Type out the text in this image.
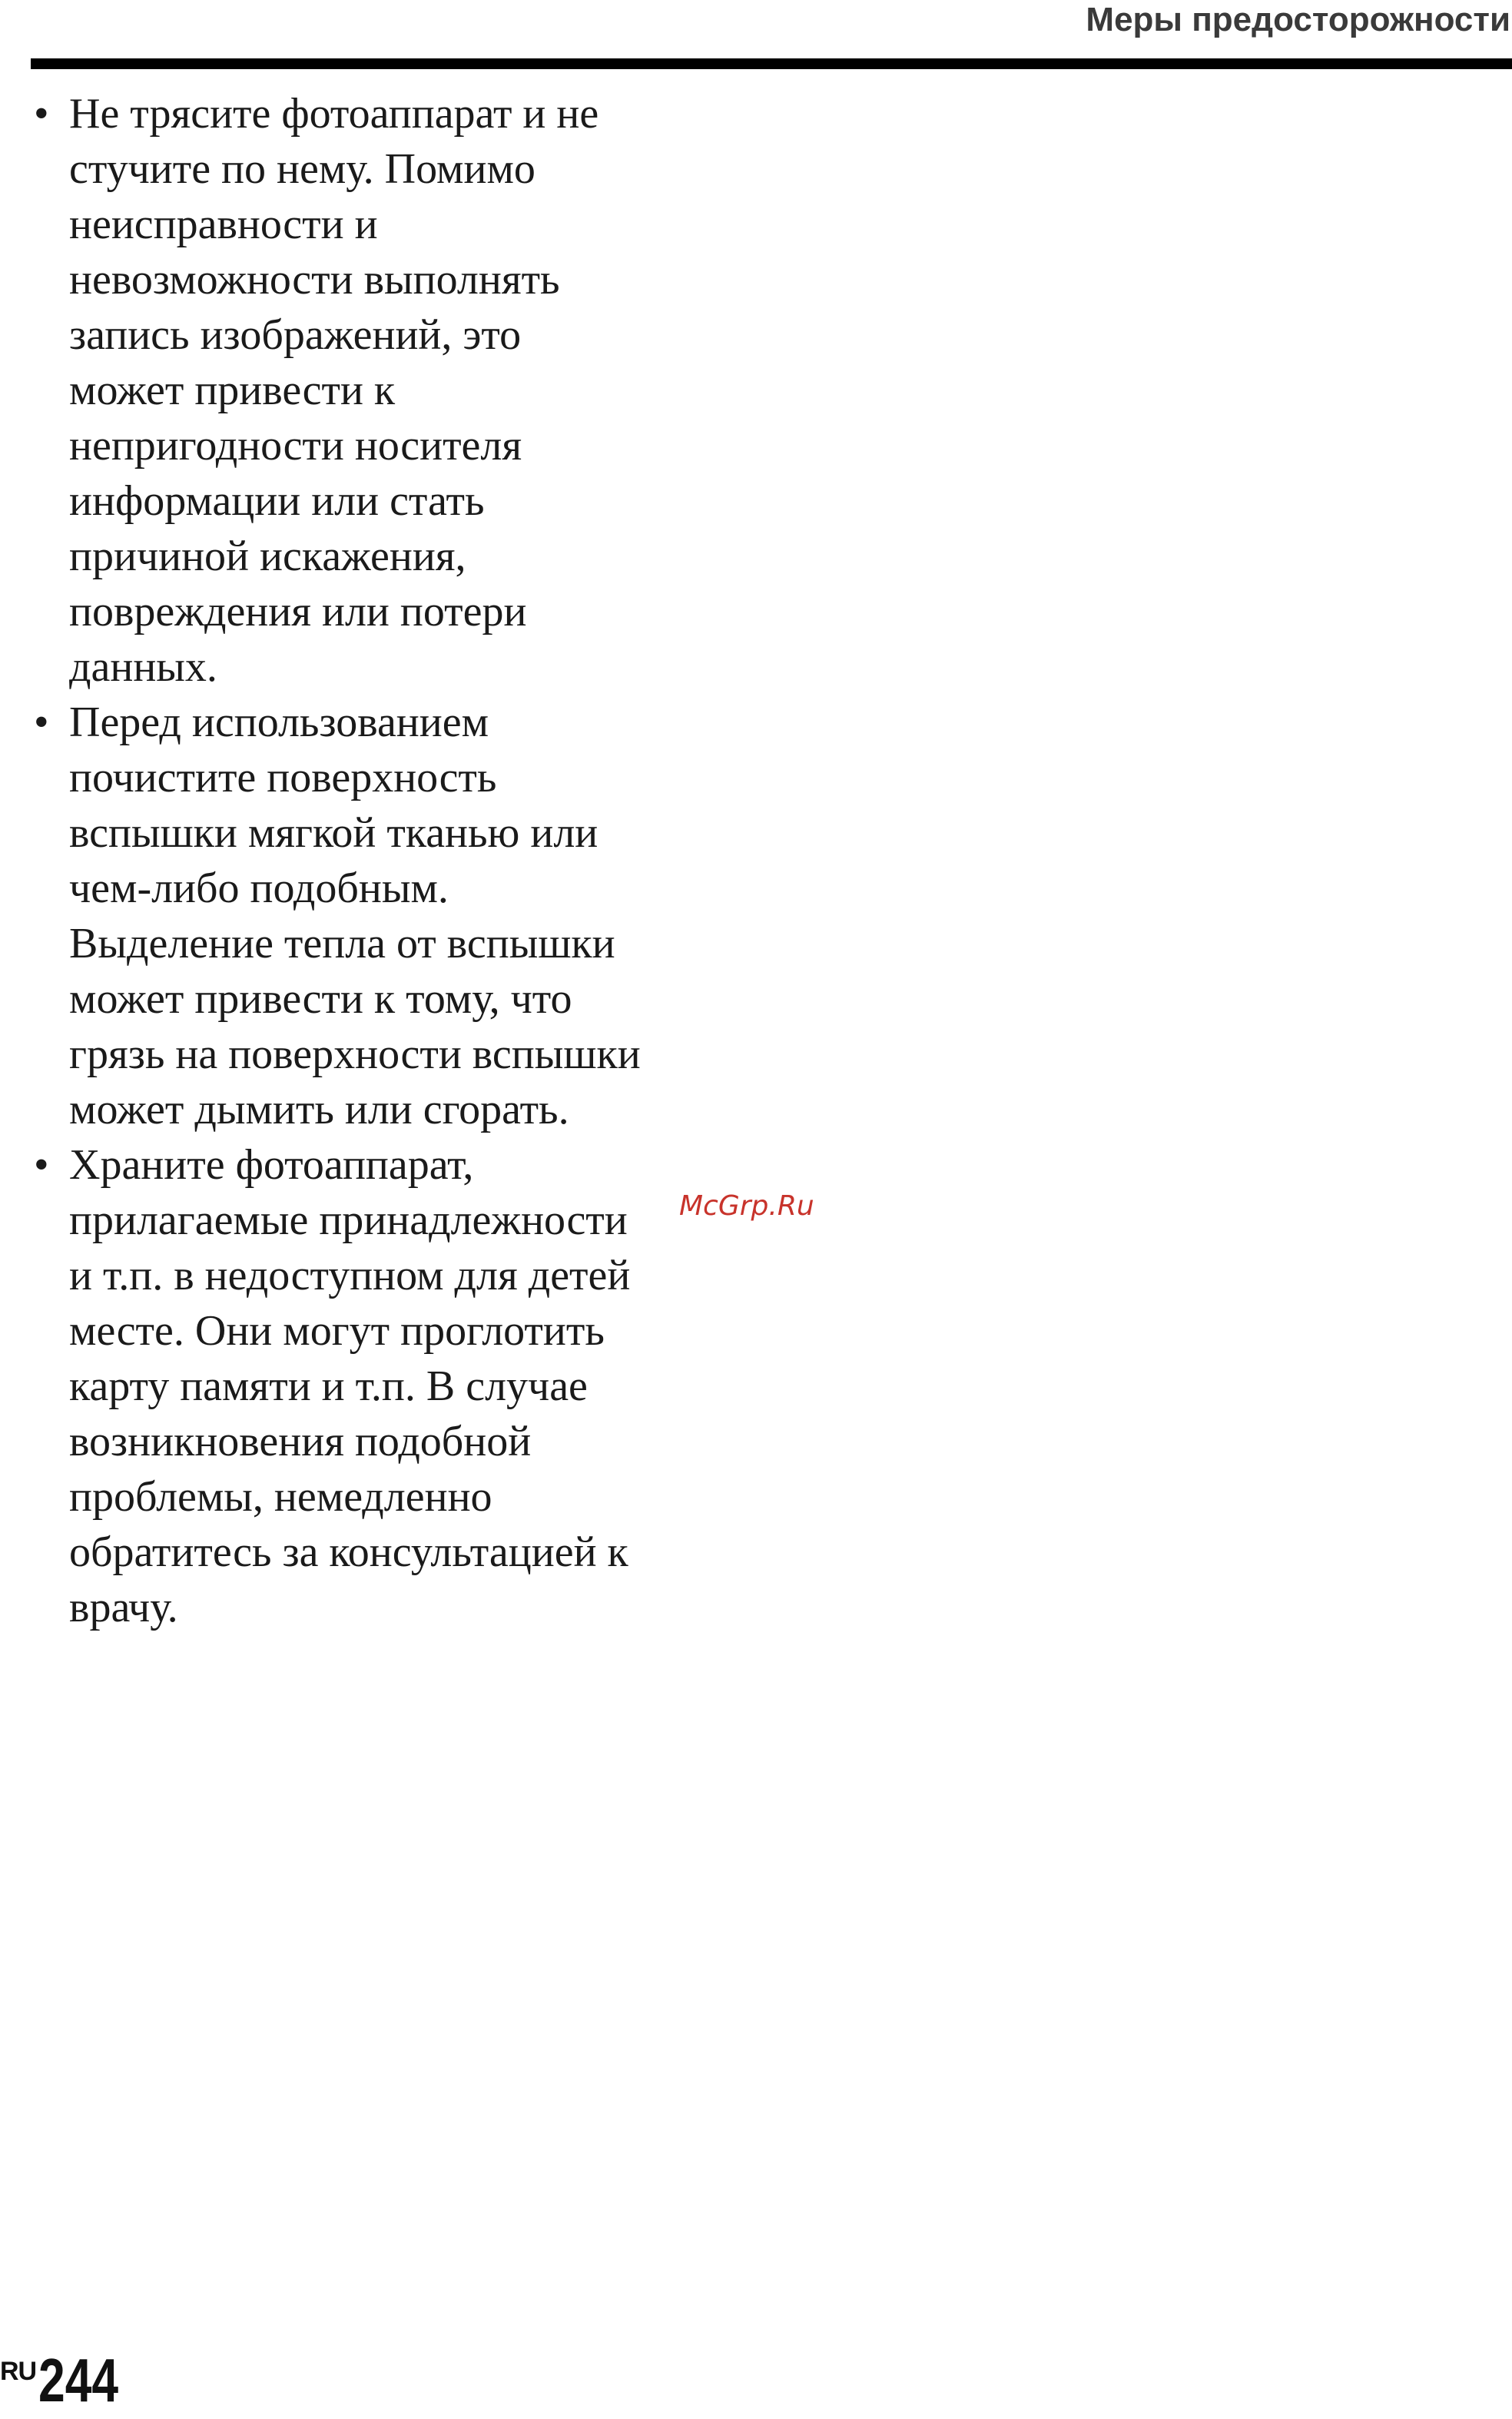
Меры предосторожности
• Не трясите фотоаппарат и не
стучите по нему. Помимо
неисправности и
невозможности выполнять
запись изображений, это
может привести к
непригодности носителя
информации или стать
причиной искажения,
повреждения или потери
данных.
• Перед использованием
почистите поверхность
вспышки мягкой тканью или
чем-либо подобным.
Выделение тепла от вспышки
может привести к тому, что
грязь на поверхности вспышки
может дымить или сгорать.
• Храните фотоаппарат,
прилагаемые принадлежности
и т.п. в недоступном для детей
месте. Они могут проглотить
карту памяти и т.п. В случае
возникновения подобной
проблемы, немедленно
обратитесь за консультацией к
врачу.
McGrp.Ru
RU 244
